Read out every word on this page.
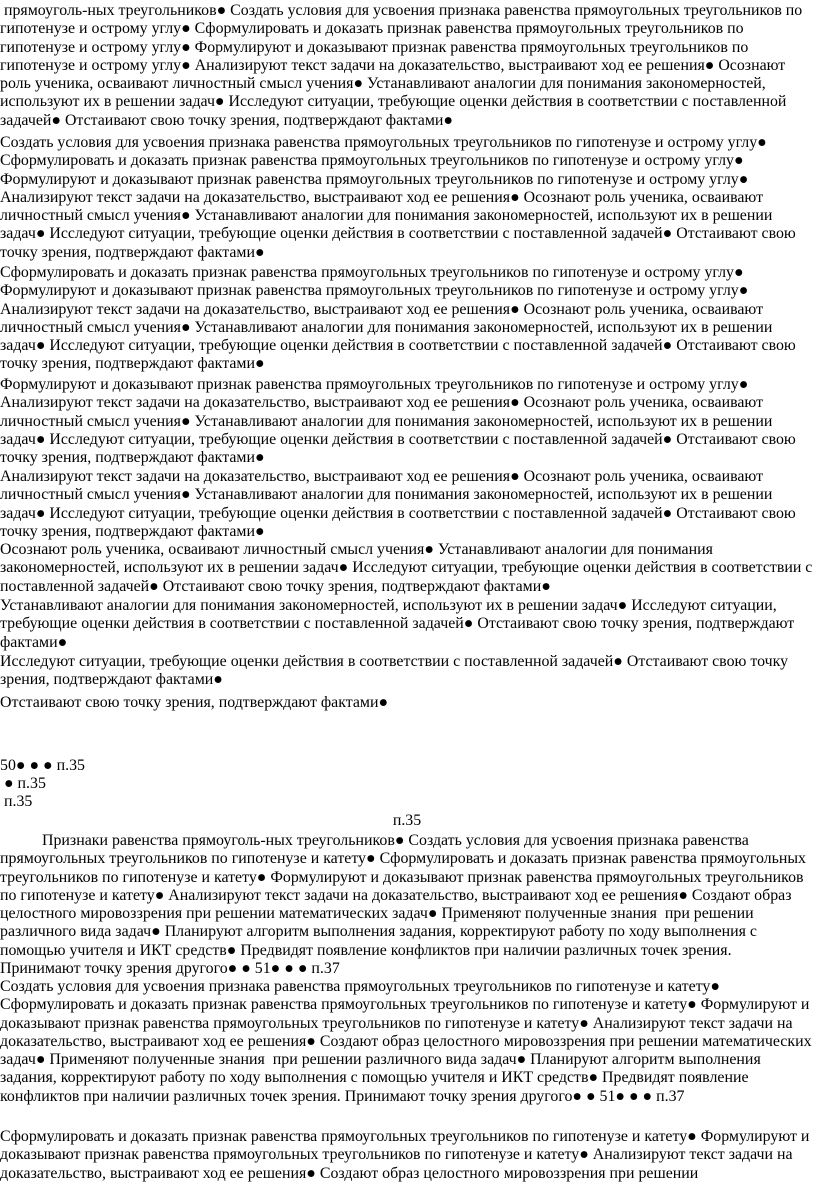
прямоуголь-ных треугольников● Создать условия для усвоения признака равенства прямоугольных треугольников по гипотенузе и острому углу● Сформулировать и доказать признак равенства прямоугольных треугольников по гипотенузе и острому углу● Формулируют и доказывают признак равенства прямоугольных треугольников по гипотенузе и острому углу● Анализируют текст задачи на доказательство, выстраивают ход ее решения● Осознают роль ученика, осваивают личностный смысл учения● Устанавливают аналогии для понимания закономерностей, используют их в решении задач● Исследуют ситуации, требующие оценки действия в соответствии с поставленной задачей● Отстаивают свою точку зрения, подтверждают фактами●

Создать условия для усвоения признака равенства прямоугольных треугольников по гипотенузе и острому углу● Сформулировать и доказать признак равенства прямоугольных треугольников по гипотенузе и острому углу● Формулируют и доказывают признак равенства прямоугольных треугольников по гипотенузе и острому углу● Анализируют текст задачи на доказательство, выстраивают ход ее решения● Осознают роль ученика, осваивают личностный смысл учения● Устанавливают аналогии для понимания закономерностей, используют их в решении задач● Исследуют ситуации, требующие оценки действия в соответствии с поставленной задачей● Отстаивают свою точку зрения, подтверждают фактами●

Сформулировать и доказать признак равенства прямоугольных треугольников по гипотенузе и острому углу● Формулируют и доказывают признак равенства прямоугольных треугольников по гипотенузе и острому углу● Анализируют текст задачи на доказательство, выстраивают ход ее решения● Осознают роль ученика, осваивают личностный смысл учения● Устанавливают аналогии для понимания закономерностей, используют их в решении задач● Исследуют ситуации, требующие оценки действия в соответствии с поставленной задачей● Отстаивают свою точку зрения, подтверждают фактами●

Формулируют и доказывают признак равенства прямоугольных треугольников по гипотенузе и острому углу● Анализируют текст задачи на доказательство, выстраивают ход ее решения● Осознают роль ученика, осваивают личностный смысл учения● Устанавливают аналогии для понимания закономерностей, используют их в решении задач● Исследуют ситуации, требующие оценки действия в соответствии с поставленной задачей● Отстаивают свою точку зрения, подтверждают фактами●

Анализируют текст задачи на доказательство, выстраивают ход ее решения● Осознают роль ученика, осваивают личностный смысл учения● Устанавливают аналогии для понимания закономерностей, используют их в решении задач● Исследуют ситуации, требующие оценки действия в соответствии с поставленной задачей● Отстаивают свою точку зрения, подтверждают фактами●

Осознают роль ученика, осваивают личностный смысл учения● Устанавливают аналогии для понимания закономерностей, используют их в решении задач● Исследуют ситуации, требующие оценки действия в соответствии с поставленной задачей● Отстаивают свою точку зрения, подтверждают фактами●

Устанавливают аналогии для понимания закономерностей, используют их в решении задач● Исследуют ситуации, требующие оценки действия в соответствии с поставленной задачей● Отстаивают свою точку зрения, подтверждают фактами●

Исследуют ситуации, требующие оценки действия в соответствии с поставленной задачей● Отстаивают свою точку зрения, подтверждают фактами●

Отстаивают свою точку зрения, подтверждают фактами●

50● ● ● п.35

● п.35

п.35

п.35

Признаки равенства прямоуголь-ных треугольников● Создать условия для усвоения признака равенства прямоугольных треугольников по гипотенузе и катету● Сформулировать и доказать признак равенства прямоугольных треугольников по гипотенузе и катету● Формулируют и доказывают признак равенства прямоугольных треугольников по гипотенузе и катету● Анализируют текст задачи на доказательство, выстраивают ход ее решения● Создают образ целостного мировоззрения при решении математических задач● Применяют полученные знания  при решении различного вида задач● Планируют алгоритм выполнения задания, корректируют работу по ходу выполнения с помощью учителя и ИКТ средств● Предвидят появление конфликтов при наличии различных точек зрения. Принимают точку зрения другого● ● 51● ● ● п.37

Создать условия для усвоения признака равенства прямоугольных треугольников по гипотенузе и катету● Сформулировать и доказать признак равенства прямоугольных треугольников по гипотенузе и катету● Формулируют и доказывают признак равенства прямоугольных треугольников по гипотенузе и катету● Анализируют текст задачи на доказательство, выстраивают ход ее решения● Создают образ целостного мировоззрения при решении математических задач● Применяют полученные знания  при решении различного вида задач● Планируют алгоритм выполнения задания, корректируют работу по ходу выполнения с помощью учителя и ИКТ средств● Предвидят появление конфликтов при наличии различных точек зрения. Принимают точку зрения другого● ● 51● ● ● п.37

Сформулировать и доказать признак равенства прямоугольных треугольников по гипотенузе и катету● Формулируют и доказывают признак равенства прямоугольных треугольников по гипотенузе и катету● Анализируют текст задачи на доказательство, выстраивают ход ее решения● Создают образ целостного мировоззрения при решении
